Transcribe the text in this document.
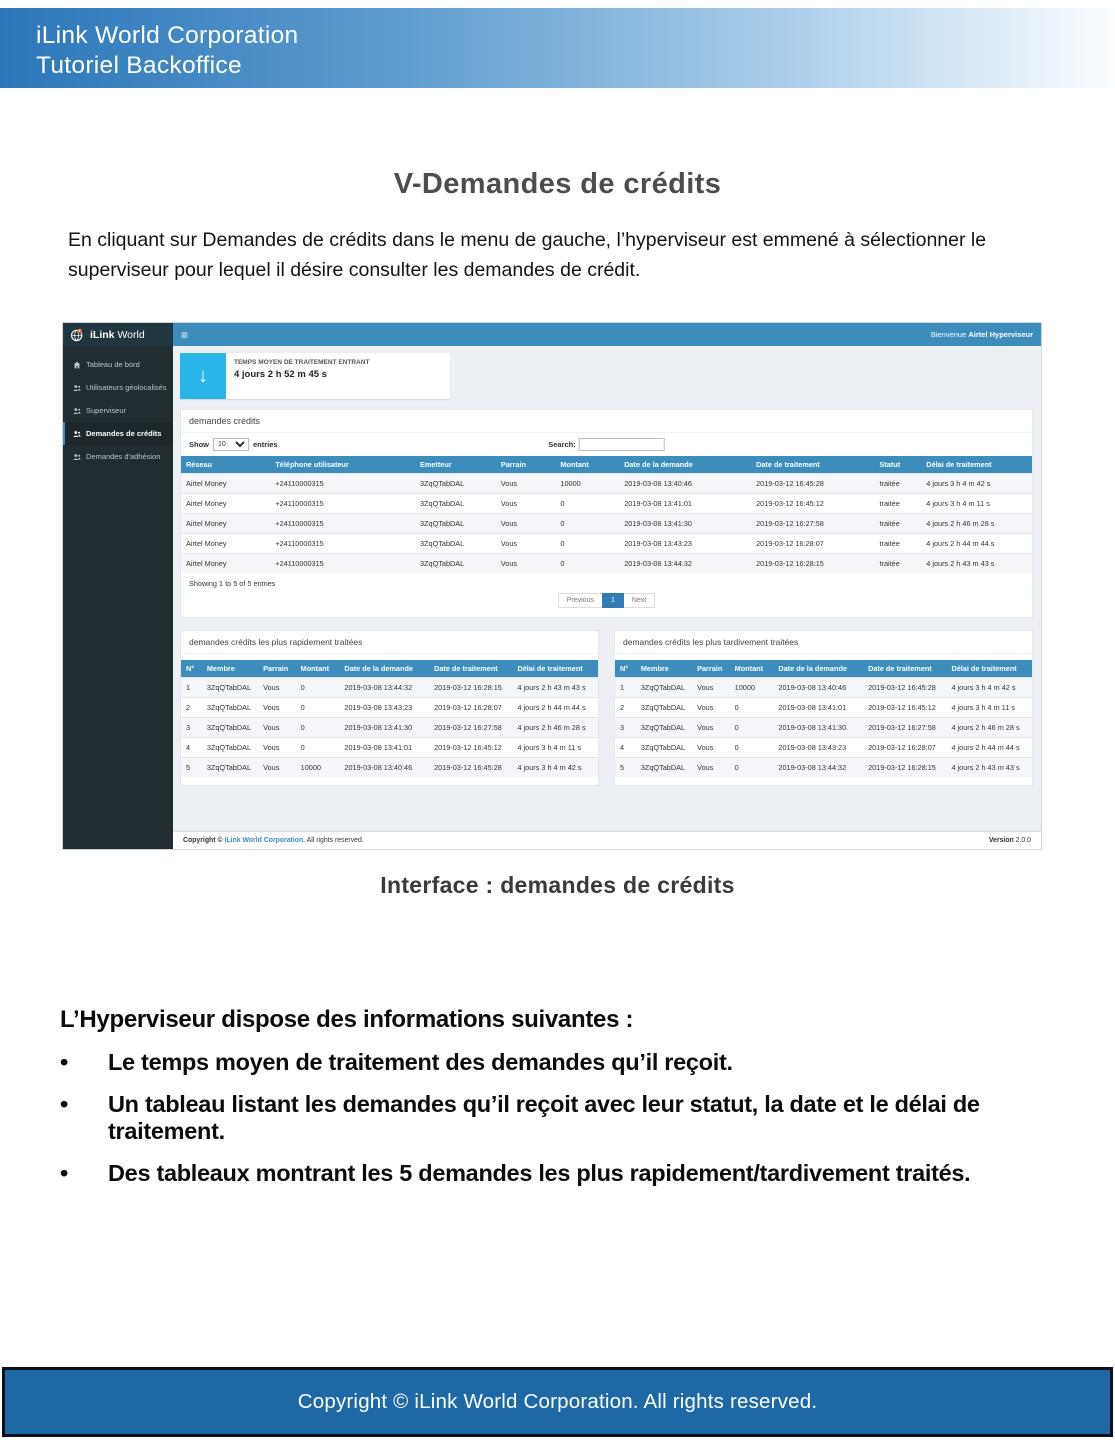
iLink World Corporation
Tutoriel Backoffice
V-Demandes de crédits

En cliquant sur Demandes de crédits dans le menu de gauche, l’hyperviseur est emmené à sélectionner le superviseur pour lequel il désire consulter les demandes de crédit.

iLink World	≡	Bienvenue Airtel Hyperviseur
Tableau de bord
Utilisateurs géolocalisés
Superviseur
Demandes de crédits
Demandes d'adhésion
↓
TEMPS MOYEN DE TRAITEMENT ENTRANT
4 jours 2 h 52 m 45 s
demandes crédits
Show
10	entries	Search:
Réseau	Téléphone utilisateur	Emetteur	Parrain	Montant	Date de la demande	Date de traitement	Statut	Délai de traitement
Airtel Money	+24110000315	3ZqQTabDAL	Vous	10000	2019-03-08 13:40:46	2019-03-12 16:45:28	traitée	4 jours 3 h 4 m 42 s
Airtel Money	+24110000315	3ZqQTabDAL	Vous	0	2019-03-08 13:41:01	2019-03-12 16:45:12	traitée	4 jours 3 h 4 m 11 s
Airtel Money	+24110000315	3ZqQTabDAL	Vous	0	2019-03-08 13:41:30	2019-03-12 16:27:58	traitée	4 jours 2 h 46 m 28 s
Airtel Money	+24110000315	3ZqQTabDAL	Vous	0	2019-03-08 13:43:23	2019-03-12 16:28:07	traitée	4 jours 2 h 44 m 44 s
Airtel Money	+24110000315	3ZqQTabDAL	Vous	0	2019-03-08 13:44:32	2019-03-12 16:28:15	traitée	4 jours 2 h 43 m 43 s
Showing 1 to 5 of 5 entries
Previous	1	Next
demandes crédits les plus rapidement traitées
N°	Membre	Parrain	Montant	Date de la demande	Date de traitement	Délai de traitement
1	3ZqQTabDAL	Vous	0	2019-03-08 13:44:32	2019-03-12 16:28:15	4 jours 2 h 43 m 43 s
2	3ZqQTabDAL	Vous	0	2019-03-08 13:43:23	2019-03-12 16:28:07	4 jours 2 h 44 m 44 s
3	3ZqQTabDAL	Vous	0	2019-03-08 13:41:30	2019-03-12 16:27:58	4 jours 2 h 46 m 28 s
4	3ZqQTabDAL	Vous	0	2019-03-08 13:41:01	2019-03-12 16:45:12	4 jours 3 h 4 m 11 s
5	3ZqQTabDAL	Vous	10000	2019-03-08 13:40:46	2019-03-12 16:45:28	4 jours 3 h 4 m 42 s
demandes crédits les plus tardivement traitées
N°	Membre	Parrain	Montant	Date de la demande	Date de traitement	Délai de traitement
1	3ZqQTabDAL	Vous	10000	2019-03-08 13:40:46	2019-03-12 16:45:28	4 jours 3 h 4 m 42 s
2	3ZqQTabDAL	Vous	0	2019-03-08 13:41:01	2019-03-12 16:45:12	4 jours 3 h 4 m 11 s
3	3ZqQTabDAL	Vous	0	2019-03-08 13:41:30	2019-03-12 16:27:58	4 jours 2 h 46 m 28 s
4	3ZqQTabDAL	Vous	0	2019-03-08 13:43:23	2019-03-12 16:28:07	4 jours 2 h 44 m 44 s
5	3ZqQTabDAL	Vous	0	2019-03-08 13:44:32	2019-03-12 16:28:15	4 jours 2 h 43 m 43 s
Copyright © iLink World Corporation. All rights reserved.	Version 2.0.0
Interface : demandes de crédits

L’Hyperviseur dispose des informations suivantes :

• Le temps moyen de traitement des demandes qu’il reçoit.
• Un tableau listant les demandes qu’il reçoit avec leur statut, la date et le délai de traitement.
• Des tableaux montrant les 5 demandes les plus rapidement/tardivement traités.
Copyright © iLink World Corporation. All rights reserved.
